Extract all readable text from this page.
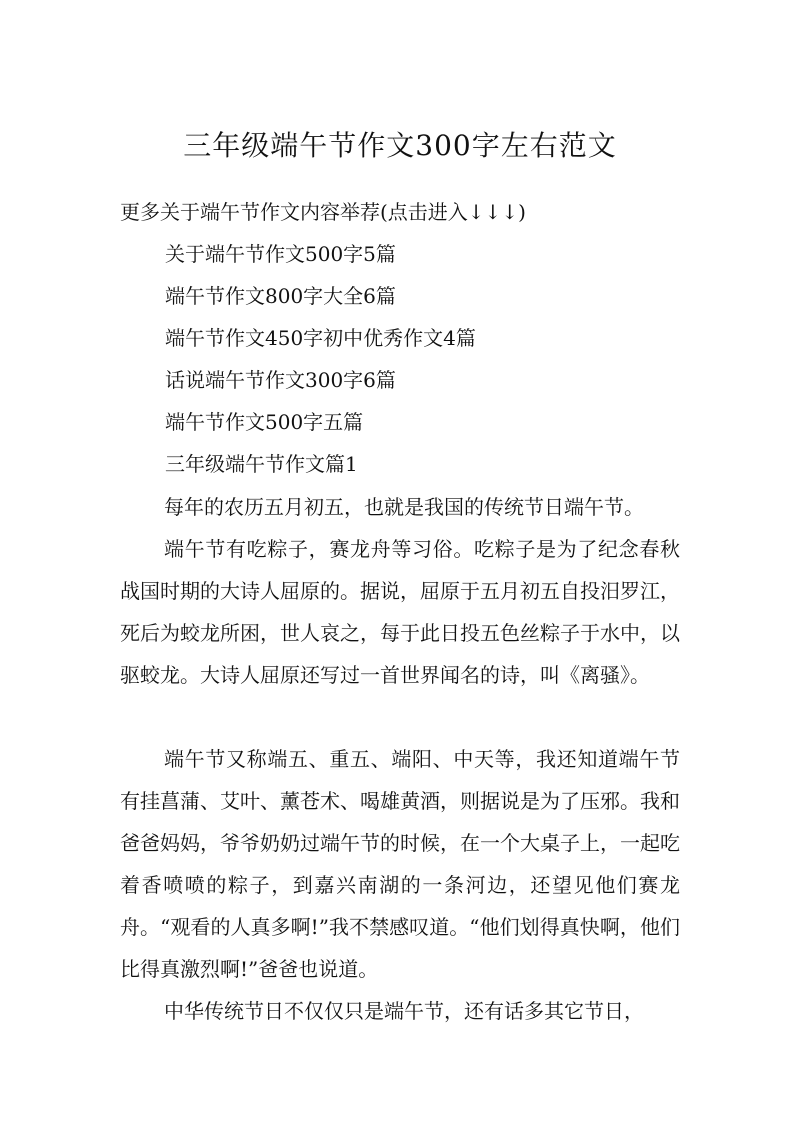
三年级端午节作文300字左右范文
更多关于端午节作文内容举荐(点击进入↓↓↓)
关于端午节作文500字5篇
端午节作文800字大全6篇
端午节作文450字初中优秀作文4篇
话说端午节作文300字6篇
端午节作文500字五篇
三年级端午节作文篇1

每年的农历五月初五，也就是我国的传统节日端午节。

端午节有吃粽子，赛龙舟等习俗。吃粽子是为了纪念春秋战国时期的大诗人屈原的。据说，屈原于五月初五自投汨罗江，死后为蛟龙所困，世人哀之，每于此日投五色丝粽子于水中，以驱蛟龙。大诗人屈原还写过一首世界闻名的诗，叫《离骚》。

端午节又称端五、重五、端阳、中天等，我还知道端午节有挂菖蒲、艾叶、薰苍术、喝雄黄酒，则据说是为了压邪。我和爸爸妈妈，爷爷奶奶过端午节的时候，在一个大桌子上，一起吃着香喷喷的粽子，到嘉兴南湖的一条河边，还望见他们赛龙舟。“观看的人真多啊!”我不禁感叹道。“他们划得真快啊，他们比得真激烈啊!”爸爸也说道。

中华传统节日不仅仅只是端午节，还有话多其它节日，
